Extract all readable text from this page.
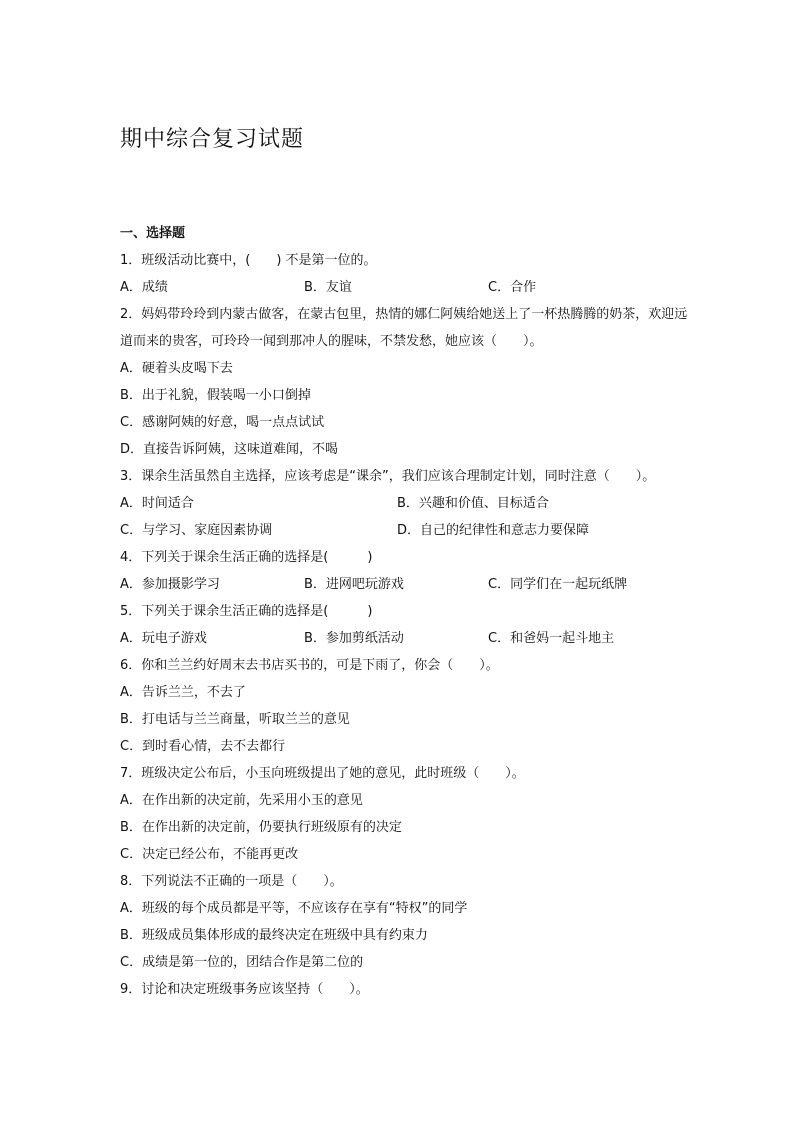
期中综合复习试题
一、选择题
1．班级活动比赛中，(　　) 不是第一位的。
A．成绩	B．友谊	C．合作
2．妈妈带玲玲到内蒙古做客，在蒙古包里，热情的娜仁阿姨给她送上了一杯热腾腾的奶茶，欢迎远道而来的贵客，可玲玲一闻到那冲人的腥味，不禁发愁，她应该（　　）。
A．硬着头皮喝下去
B．出于礼貌，假装喝一小口倒掉
C．感谢阿姨的好意，喝一点点试试
D．直接告诉阿姨，这味道难闻，不喝
3．课余生活虽然自主选择，应该考虑是“课余”，我们应该合理制定计划，同时注意（　　）。
A．时间适合	B．兴趣和价值、目标适合
C．与学习、家庭因素协调	D．自己的纪律性和意志力要保障
4．下列关于课余生活正确的选择是(　　　)
A．参加摄影学习	B．进网吧玩游戏	C．同学们在一起玩纸牌
5．下列关于课余生活正确的选择是(　　　)
A．玩电子游戏	B．参加剪纸活动	C．和爸妈一起斗地主
6．你和兰兰约好周末去书店买书的，可是下雨了，你会（　　）。
A．告诉兰兰，不去了
B．打电话与兰兰商量，听取兰兰的意见
C．到时看心情，去不去都行
7．班级决定公布后，小玉向班级提出了她的意见，此时班级（　　）。
A．在作出新的决定前，先采用小玉的意见
B．在作出新的决定前，仍要执行班级原有的决定
C．决定已经公布，不能再更改
8．下列说法不正确的一项是（　　）。
A．班级的每个成员都是平等，不应该存在享有“特权”的同学
B．班级成员集体形成的最终决定在班级中具有约束力
C．成绩是第一位的，团结合作是第二位的
9．讨论和决定班级事务应该坚持（　　）。
